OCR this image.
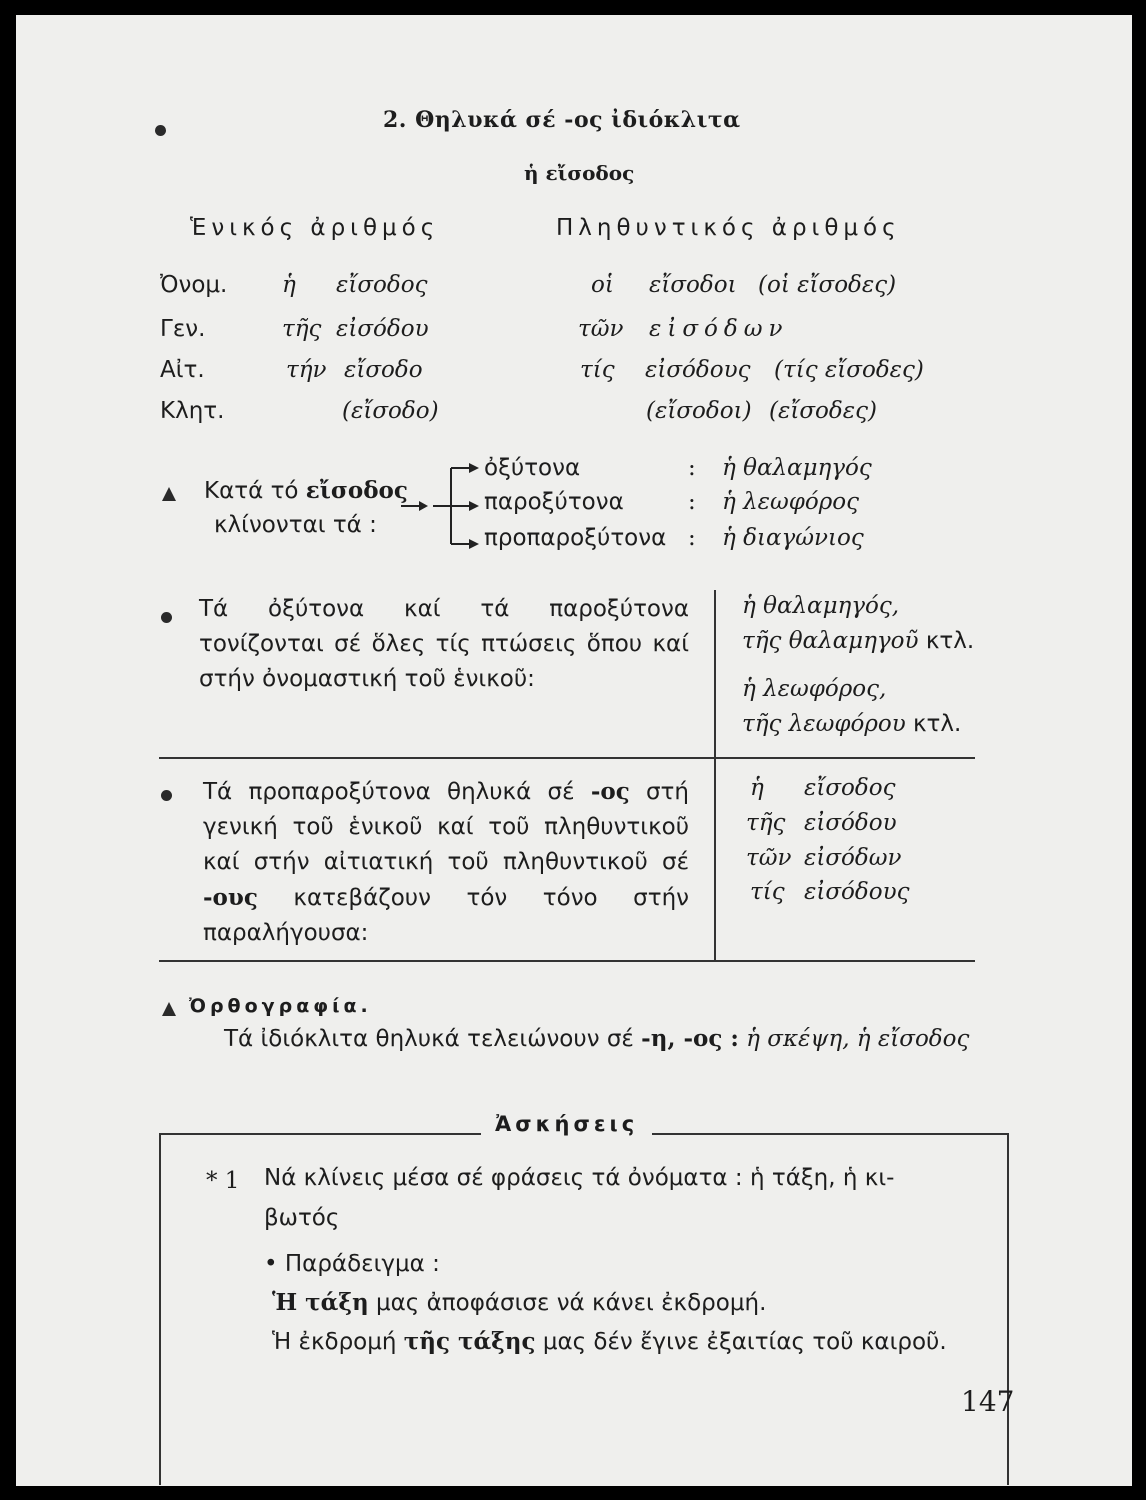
2. Θηλυκά σέ -ος ἰδιόκλιτα
ἡ εἴσοδος
Ἑνικός ἀριθμός	Πληθυντικός ἀριθμός
Ὀνομ. ἡ εἴσοδος	οἱ εἴσοδοι (οἱ εἴσοδες)
Γεν.	τῆς εἰσόδου	τῶν εἰσόδων
Αἰτ.	τήν εἴσοδο	τίς εἰσόδους (τίς εἴσοδες)
Κλητ.	(εἴσοδο)	(εἴσοδοι) (εἴσοδες)
Κατά τό εἴσοδος
κλίνονται τά :
ὀξύτονα	: ἡ θαλαμηγός
παροξύτονα	: ἡ λεωφόρος
προπαροξύτονα : ἡ διαγώνιος
Τά ὀξύτονα καί τά παροξύτονα τονίζονται σέ ὅλες τίς πτώσεις ὅπου καί στήν ὀνομαστική τοῦ ἑνικοῦ:
ἡ θαλαμηγός,
τῆς θαλαμηγοῦ κτλ.
ἡ λεωφόρος,
τῆς λεωφόρου κτλ.
Τά προπαροξύτονα θηλυκά σέ -ος στή γενική τοῦ ἑνικοῦ καί τοῦ πληθυντικοῦ καί στήν αἰτιατική τοῦ πληθυντικοῦ σέ -ους κατεβάζουν τόν τόνο στήν παραλήγουσα:
ἡ εἴσοδος
τῆς εἰσόδου
τῶν εἰσόδων
τίς εἰσόδους
Ὀρθογραφία.
Τά ἰδιόκλιτα θηλυκά τελειώνουν σέ -η, -ος : ἡ σκέψη, ἡ εἴσοδος
Ἀσκήσεις
* 1 Νά κλίνεις μέσα σέ φράσεις τά ὀνόματα : ἡ τάξη, ἡ κι-
βωτός
• Παράδειγμα :
Ἡ τάξη μας ἀποφάσισε νά κάνει ἐκδρομή.
Ἡ ἐκδρομή τῆς τάξης μας δέν ἔγινε ἐξαιτίας τοῦ καιροῦ.
147
